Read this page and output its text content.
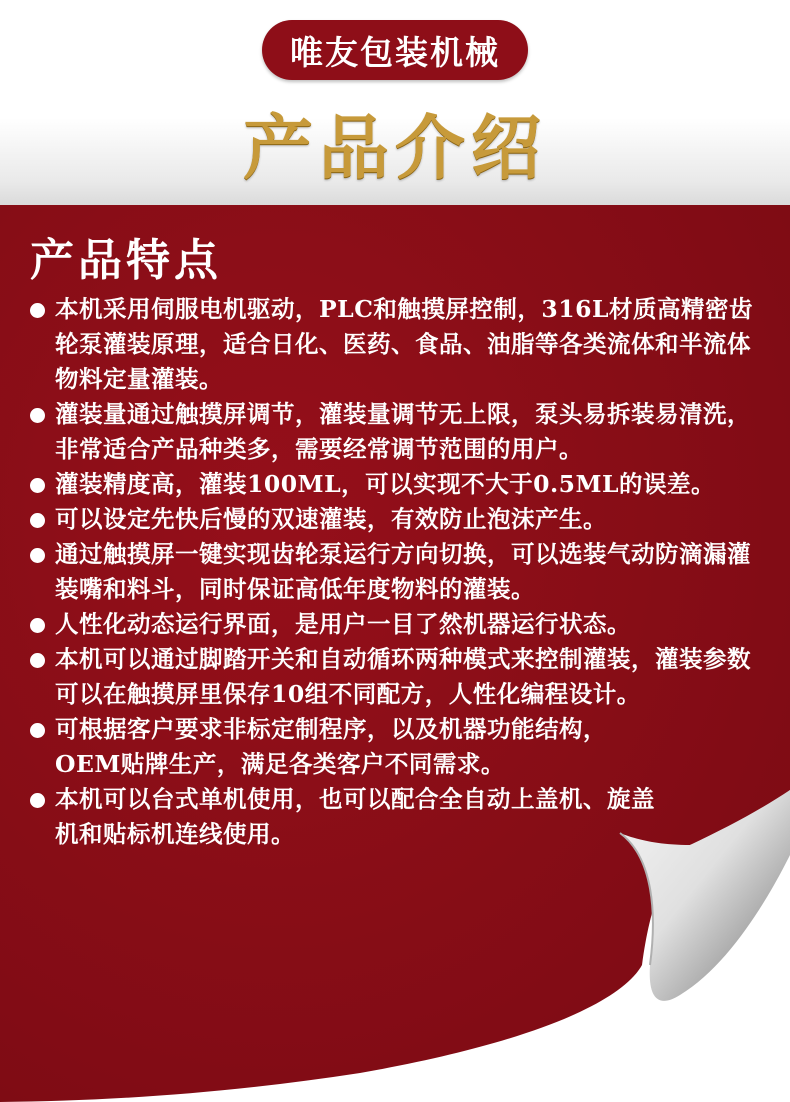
唯友包装机械
产品介绍
产品特点
本机采用伺服电机驱动，PLC和触摸屏控制，316L材质高精密齿轮泵灌装原理，适合日化、医药、食品、油脂等各类流体和半流体物料定量灌装。
灌装量通过触摸屏调节，灌装量调节无上限，泵头易拆装易清洗，非常适合产品种类多，需要经常调节范围的用户。
灌装精度高，灌装100ML，可以实现不大于0.5ML的误差。
可以设定先快后慢的双速灌装，有效防止泡沫产生。
通过触摸屏一键实现齿轮泵运行方向切换，可以选装气动防滴漏灌装嘴和料斗，同时保证高低年度物料的灌装。
人性化动态运行界面，是用户一目了然机器运行状态。
本机可以通过脚踏开关和自动循环两种模式来控制灌装，灌装参数可以在触摸屏里保存10组不同配方，人性化编程设计。
可根据客户要求非标定制程序，以及机器功能结构，OEM贴牌生产，满足各类客户不同需求。
本机可以台式单机使用，也可以配合全自动上盖机、旋盖机和贴标机连线使用。
